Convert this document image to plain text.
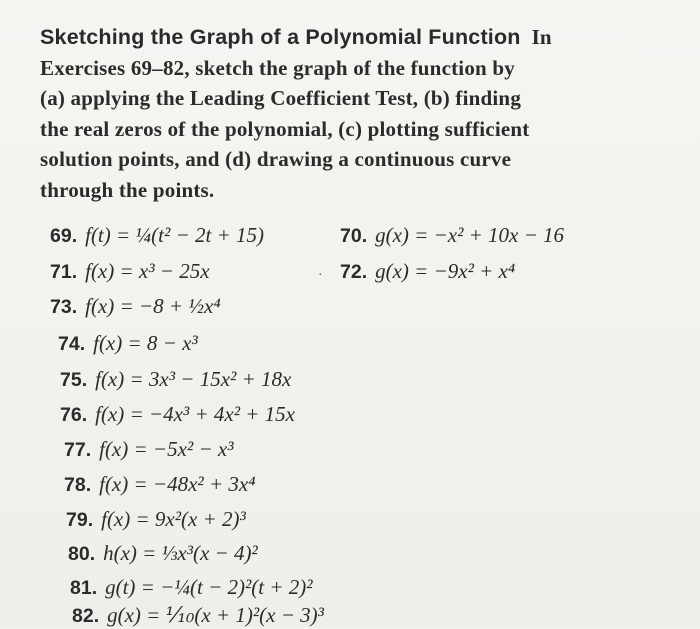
Sketching the Graph of a Polynomial Function In
Exercises 69–82, sketch the graph of the function by
(a) applying the Leading Coefficient Test, (b) finding
the real zeros of the polynomial, (c) plotting sufficient
solution points, and (d) drawing a continuous curve
through the points.
69. f(t) = ¼(t² − 2t + 15)	70. g(x) = −x² + 10x − 16
71. f(x) = x³ − 25x	· 72. g(x) = −9x² + x⁴
73. f(x) = −8 + ½x⁴
74. f(x) = 8 − x³
75. f(x) = 3x³ − 15x² + 18x
76. f(x) = −4x³ + 4x² + 15x
77. f(x) = −5x² − x³
78. f(x) = −48x² + 3x⁴
79. f(x) = 9x²(x + 2)³
80. h(x) = ⅓x³(x − 4)²
81. g(t) = −¼(t − 2)²(t + 2)²
82. g(x) = ⅒(x + 1)²(x − 3)³
